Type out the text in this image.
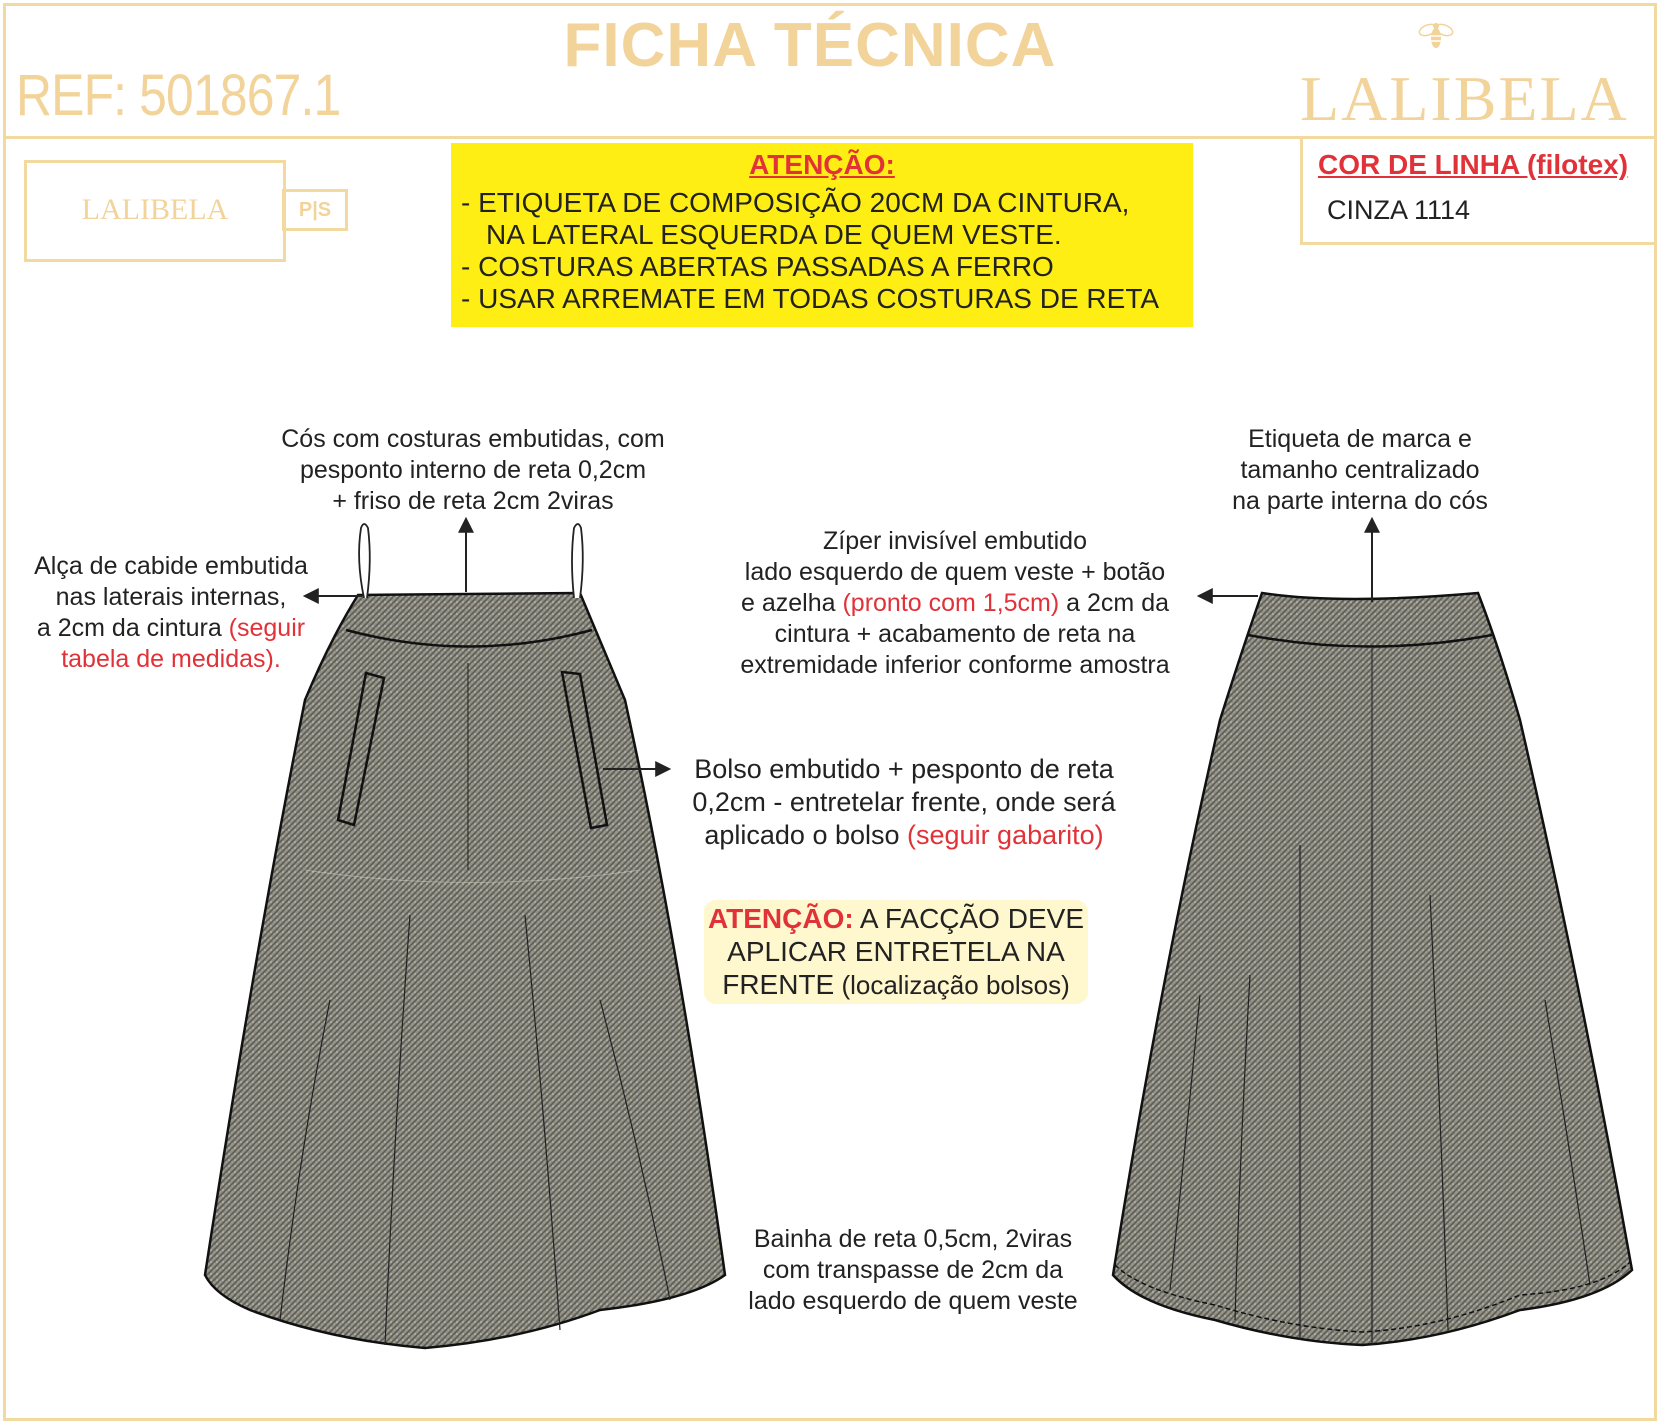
FICHA TÉCNICA
REF: 501867.1	LALIBELA
LALIBELA	P|S
ATENÇÃO:
- ETIQUETA DE COMPOSIÇÃO 20CM DA CINTURA,
NA LATERAL ESQUERDA DE QUEM VESTE.
- COSTURAS ABERTAS PASSADAS A FERRO
- USAR ARREMATE EM TODAS COSTURAS DE RETA
COR DE LINHA (filotex)
CINZA 1114
Cós com costuras embutidas, com
pesponto interno de reta 0,2cm
+ friso de reta 2cm 2viras
Alça de cabide embutida
nas laterais internas,
a 2cm da cintura (seguir
tabela de medidas).
Etiqueta de marca e
tamanho centralizado
na parte interna do cós
Zíper invisível embutido
lado esquerdo de quem veste + botão
e azelha (pronto com 1,5cm) a 2cm da
cintura + acabamento de reta na
extremidade inferior conforme amostra
Bolso embutido + pesponto de reta
0,2cm - entretelar frente, onde será
aplicado o bolso (seguir gabarito)
ATENÇÃO: A FACÇÃO DEVE
APLICAR ENTRETELA NA
FRENTE (localização bolsos)
Bainha de reta 0,5cm, 2viras
com transpasse de 2cm da
lado esquerdo de quem veste
